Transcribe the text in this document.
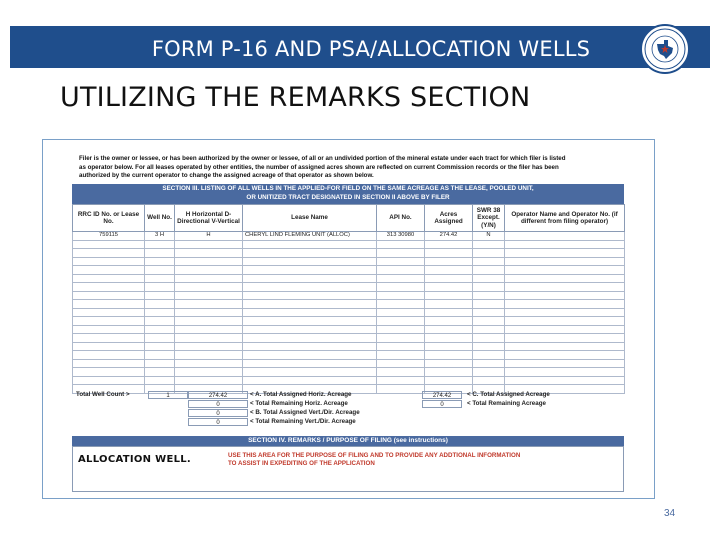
FORM P-16 AND PSA/ALLOCATION WELLS
UTILIZING THE REMARKS SECTION
Filer is the owner or lessee, or has been authorized by the owner or lessee, of all or an undivided portion of the mineral estate under each tract for which filer is listed
as operator below. For all leases operated by other entities, the number of assigned acres shown are reflected on current Commission records or the filer has been
authorized by the current operator to change the assigned acreage of that operator as shown below.
SECTION III. LISTING OF ALL WELLS IN THE APPLIED-FOR FIELD ON THE SAME ACREAGE AS THE LEASE, POOLED UNIT,
OR UNITIZED TRACT DESIGNATED IN SECTION II ABOVE BY FILER
RRC ID No. or Lease No.	Well No.	H Horizontal D-Directional V-Vertical	Lease Name	API No.	Acres Assigned	SWR 38 Except. (Y/N)	Operator Name and Operator No. (if different from filing operator)
759115	3 H	H	CHERYL LIND FLEMING UNIT (ALLOC)	313 30980	274.42	N	

Total Well Count >	1	274.42	< A. Total Assigned Horiz. Acreage	274.42	< C. Total Assigned Acreage
0	< Total Remaining Horiz. Acreage	0	< Total Remaining Acreage
0	< B. Total Assigned Vert./Dir. Acreage
0	< Total Remaining Vert./Dir. Acreage
SECTION IV. REMARKS / PURPOSE OF FILING (see instructions)
ALLOCATION WELL.	USE THIS AREA FOR THE PURPOSE OF FILING AND TO PROVIDE ANY ADDTIONAL INFORMATION
TO ASSIST IN EXPEDITING OF THE APPLICATION
34
